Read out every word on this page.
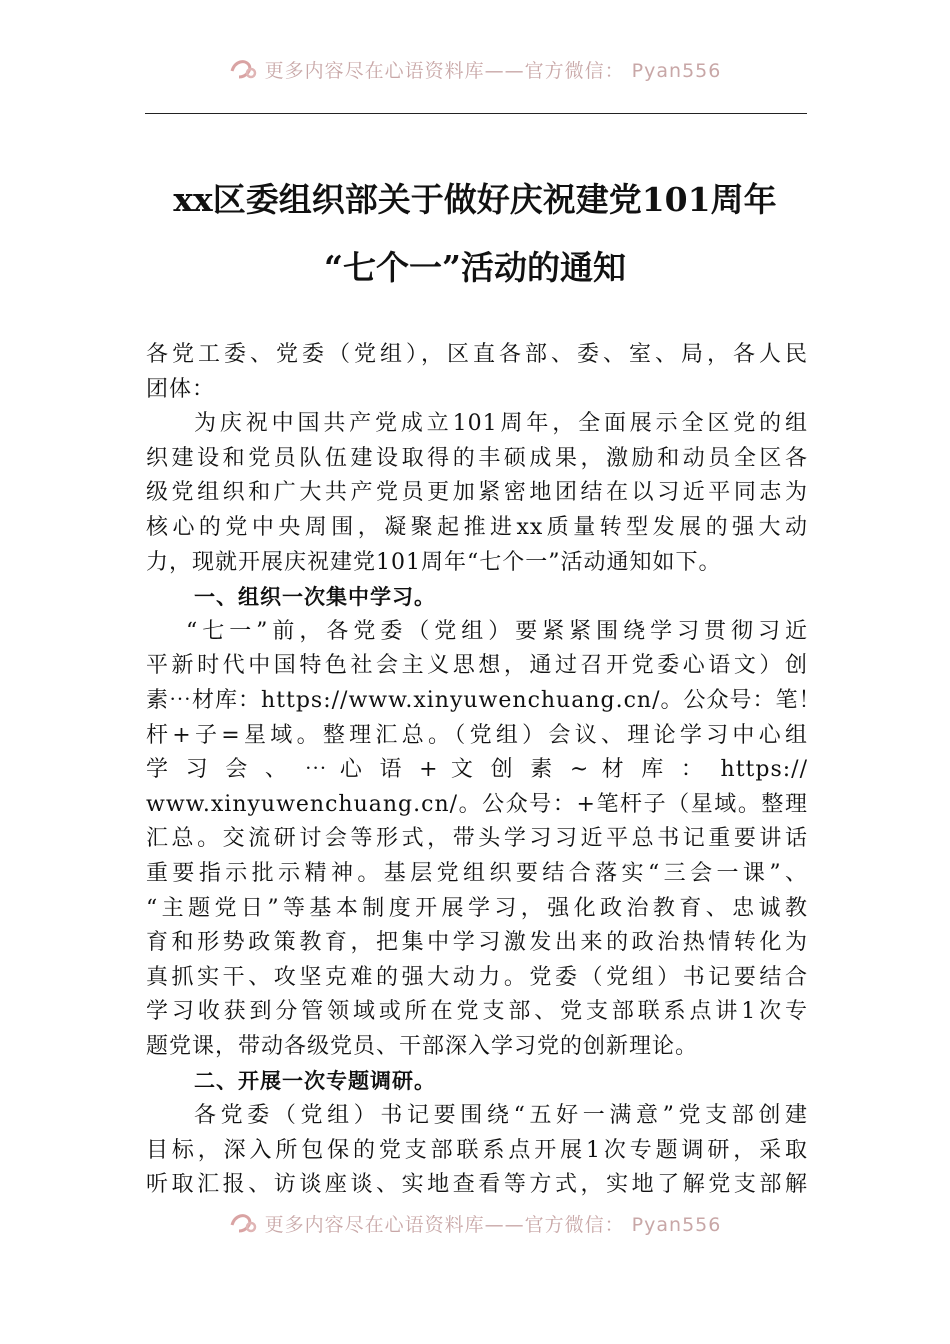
更多内容尽在心语资料库——官方微信： Pyan556
xx区委组织部关于做好庆祝建党101周年
“七个一”活动的通知
各党工委、党委（党组），区直各部、委、室、局，各人民
团体：
为庆祝中国共产党成立101周年，全面展示全区党的组
织建设和党员队伍建设取得的丰硕成果，激励和动员全区各
级党组织和广大共产党员更加紧密地团结在以习近平同志为
核心的党中央周围，凝聚起推进xx质量转型发展的强大动
力，现就开展庆祝建党101周年“七个一”活动通知如下。
一、组织一次集中学习。
“七一”前，各党委（党组）要紧紧围绕学习贯彻习近
平新时代中国特色社会主义思想，通过召开党委心语文）创
素⋯材库：https://www.xinyuwenchuang.cn/。公众号：笔！
杆+子=星域。整理汇总。（党组）会议、理论学习中心组
学 习 会 、 ⋯ 心 语 + 文 创 素 ~ 材 库 ： https://
www.xinyuwenchuang.cn/。公众号：+笔杆子（星域。整理
汇总。交流研讨会等形式，带头学习习近平总书记重要讲话
重要指示批示精神。基层党组织要结合落实“三会一课”、
“主题党日”等基本制度开展学习，强化政治教育、忠诚教
育和形势政策教育，把集中学习激发出来的政治热情转化为
真抓实干、攻坚克难的强大动力。党委（党组）书记要结合
学习收获到分管领域或所在党支部、党支部联系点讲1次专
题党课，带动各级党员、干部深入学习党的创新理论。
二、开展一次专题调研。
各党委（党组）书记要围绕“五好一满意”党支部创建
目标，深入所包保的党支部联系点开展1次专题调研，采取
听取汇报、访谈座谈、实地查看等方式，实地了解党支部解
更多内容尽在心语资料库——官方微信： Pyan556
